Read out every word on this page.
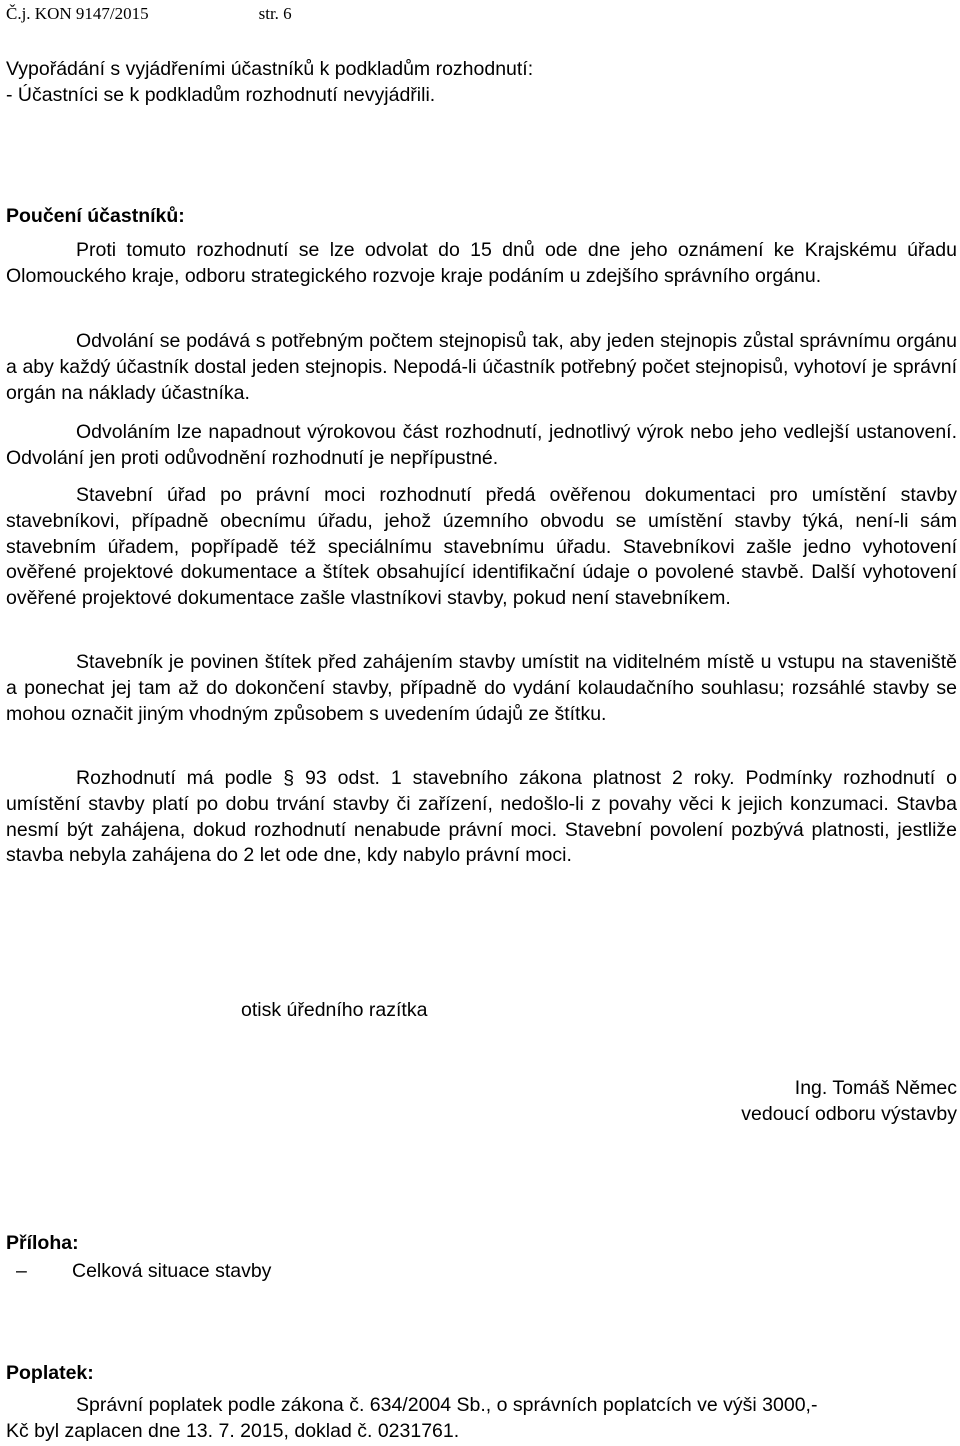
Č.j. KON 9147/2015	str. 6
Vypořádání s vyjádřeními účastníků k podkladům rozhodnutí:
- Účastníci se k podkladům rozhodnutí nevyjádřili.
Poučení účastníků:
Proti tomuto rozhodnutí se lze odvolat do 15 dnů ode dne jeho oznámení ke Krajskému úřadu Olomouckého kraje, odboru strategického rozvoje kraje podáním u zdejšího správního orgánu.
Odvolání se podává s potřebným počtem stejnopisů tak, aby jeden stejnopis zůstal správnímu orgánu a aby každý účastník dostal jeden stejnopis. Nepodá-li účastník potřebný počet stejnopisů, vyhotoví je správní orgán na náklady účastníka.
Odvoláním lze napadnout výrokovou část rozhodnutí, jednotlivý výrok nebo jeho vedlejší ustanovení. Odvolání jen proti odůvodnění rozhodnutí je nepřípustné.
Stavební úřad po právní moci rozhodnutí předá ověřenou dokumentaci pro umístění stavby stavebníkovi, případně obecnímu úřadu, jehož územního obvodu se umístění stavby týká, není-li sám stavebním úřadem, popřípadě též speciálnímu stavebnímu úřadu. Stavebníkovi zašle jedno vyhotovení ověřené projektové dokumentace a štítek obsahující identifikační údaje o povolené stavbě. Další vyhotovení ověřené projektové dokumentace zašle vlastníkovi stavby, pokud není stavebníkem.
Stavebník je povinen štítek před zahájením stavby umístit na viditelném místě u vstupu na staveniště a ponechat jej tam až do dokončení stavby, případně do vydání kolaudačního souhlasu; rozsáhlé stavby se mohou označit jiným vhodným způsobem s uvedením údajů ze štítku.
Rozhodnutí má podle § 93 odst. 1 stavebního zákona platnost 2 roky. Podmínky rozhodnutí o umístění stavby platí po dobu trvání stavby či zařízení, nedošlo-li z povahy věci k jejich konzumaci. Stavba nesmí být zahájena, dokud rozhodnutí nenabude právní moci. Stavební povolení pozbývá platnosti, jestliže stavba nebyla zahájena do 2 let ode dne, kdy nabylo právní moci.
otisk úředního razítka
Ing. Tomáš Němec
vedoucí odboru výstavby
Příloha:
– Celková situace stavby
Poplatek:
Správní poplatek podle zákona č. 634/2004 Sb., o správních poplatcích ve výši 3000,-
Kč byl zaplacen dne 13. 7. 2015, doklad č. 0231761.
